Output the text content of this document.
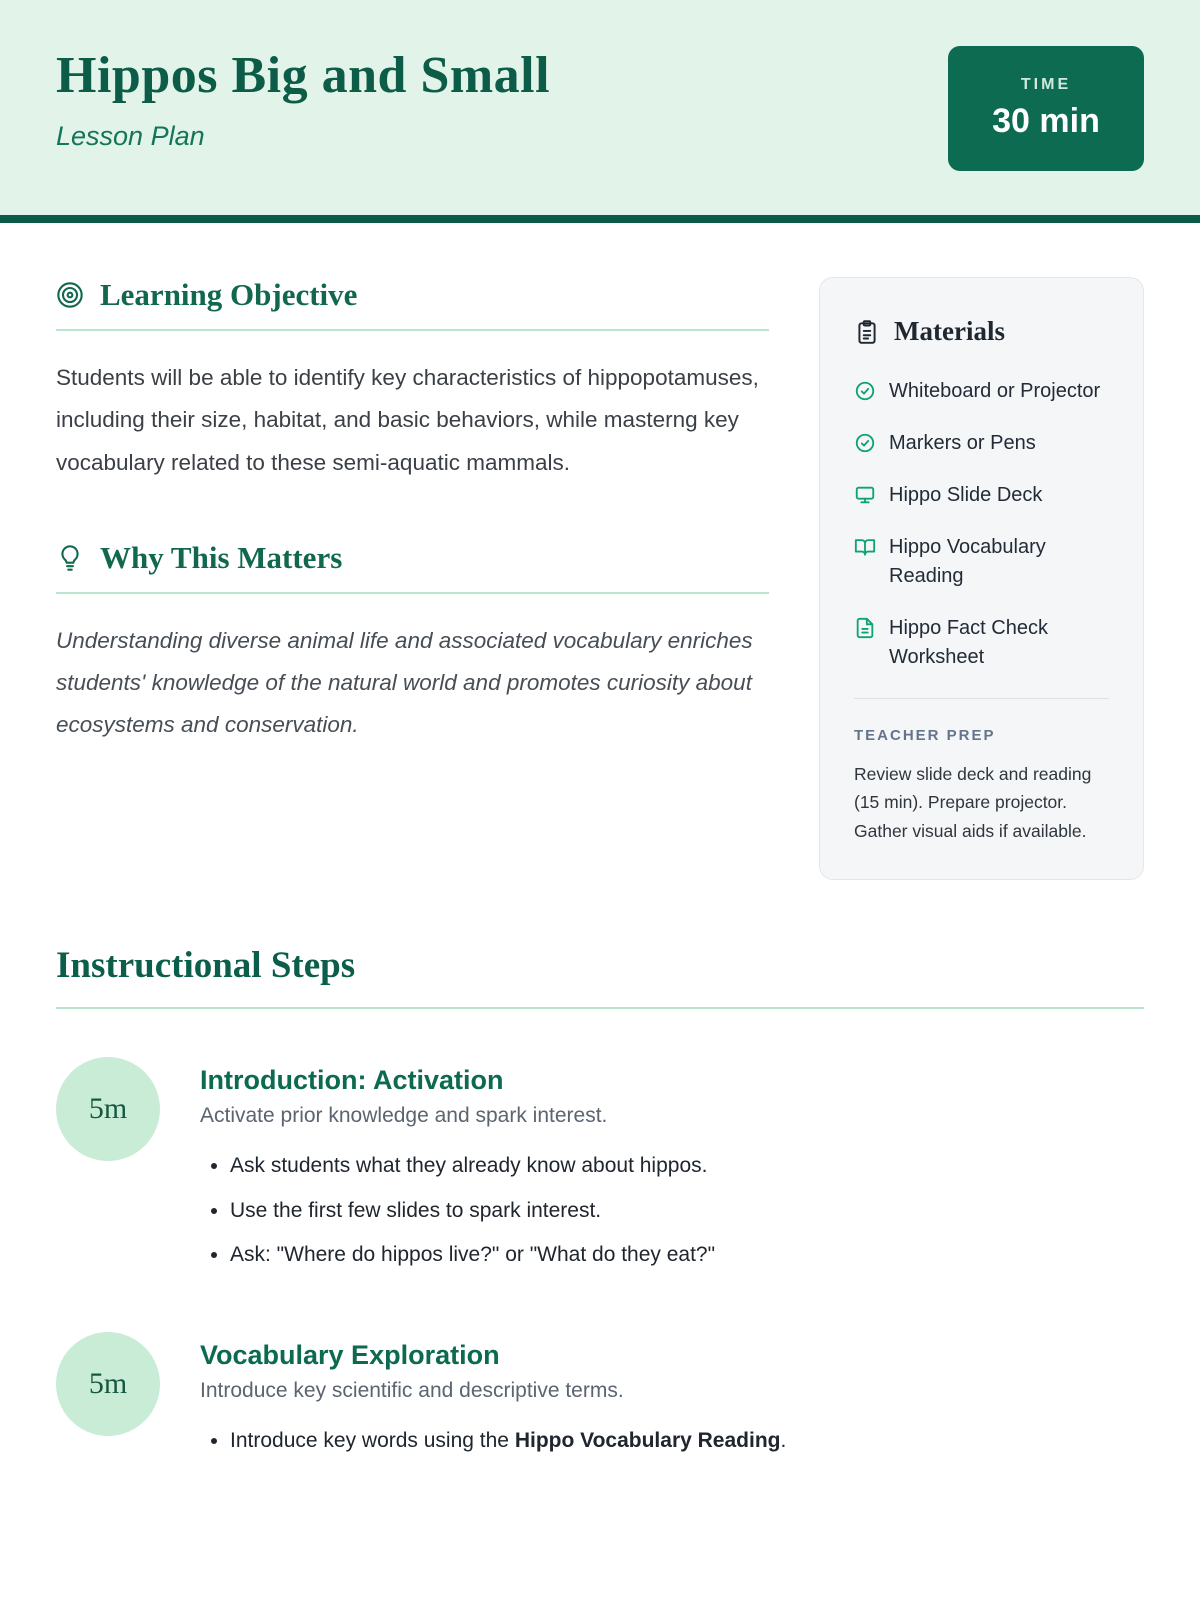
Hippos Big and Small
Lesson Plan
TIME
30 min
Learning Objective

Students will be able to identify key characteristics of hippopotamuses, including their size, habitat, and basic behaviors, while masterng key vocabulary related to these semi-aquatic mammals.

Why This Matters

Understanding diverse animal life and associated vocabulary enriches students' knowledge of the natural world and promotes curiosity about ecosystems and conservation.

Materials
Whiteboard or Projector
Markers or Pens
Hippo Slide Deck
Hippo Vocabulary Reading
Hippo Fact Check Worksheet
TEACHER PREP

Review slide deck and reading (15 min). Prepare projector. Gather visual aids if available.

Instructional Steps
5m
Introduction: Activation
Activate prior knowledge and spark interest.
• Ask students what they already know about hippos.
• Use the first few slides to spark interest.
• Ask: "Where do hippos live?" or "What do they eat?"
5m
Vocabulary Exploration
Introduce key scientific and descriptive terms.
• Introduce key words using the Hippo Vocabulary Reading.
